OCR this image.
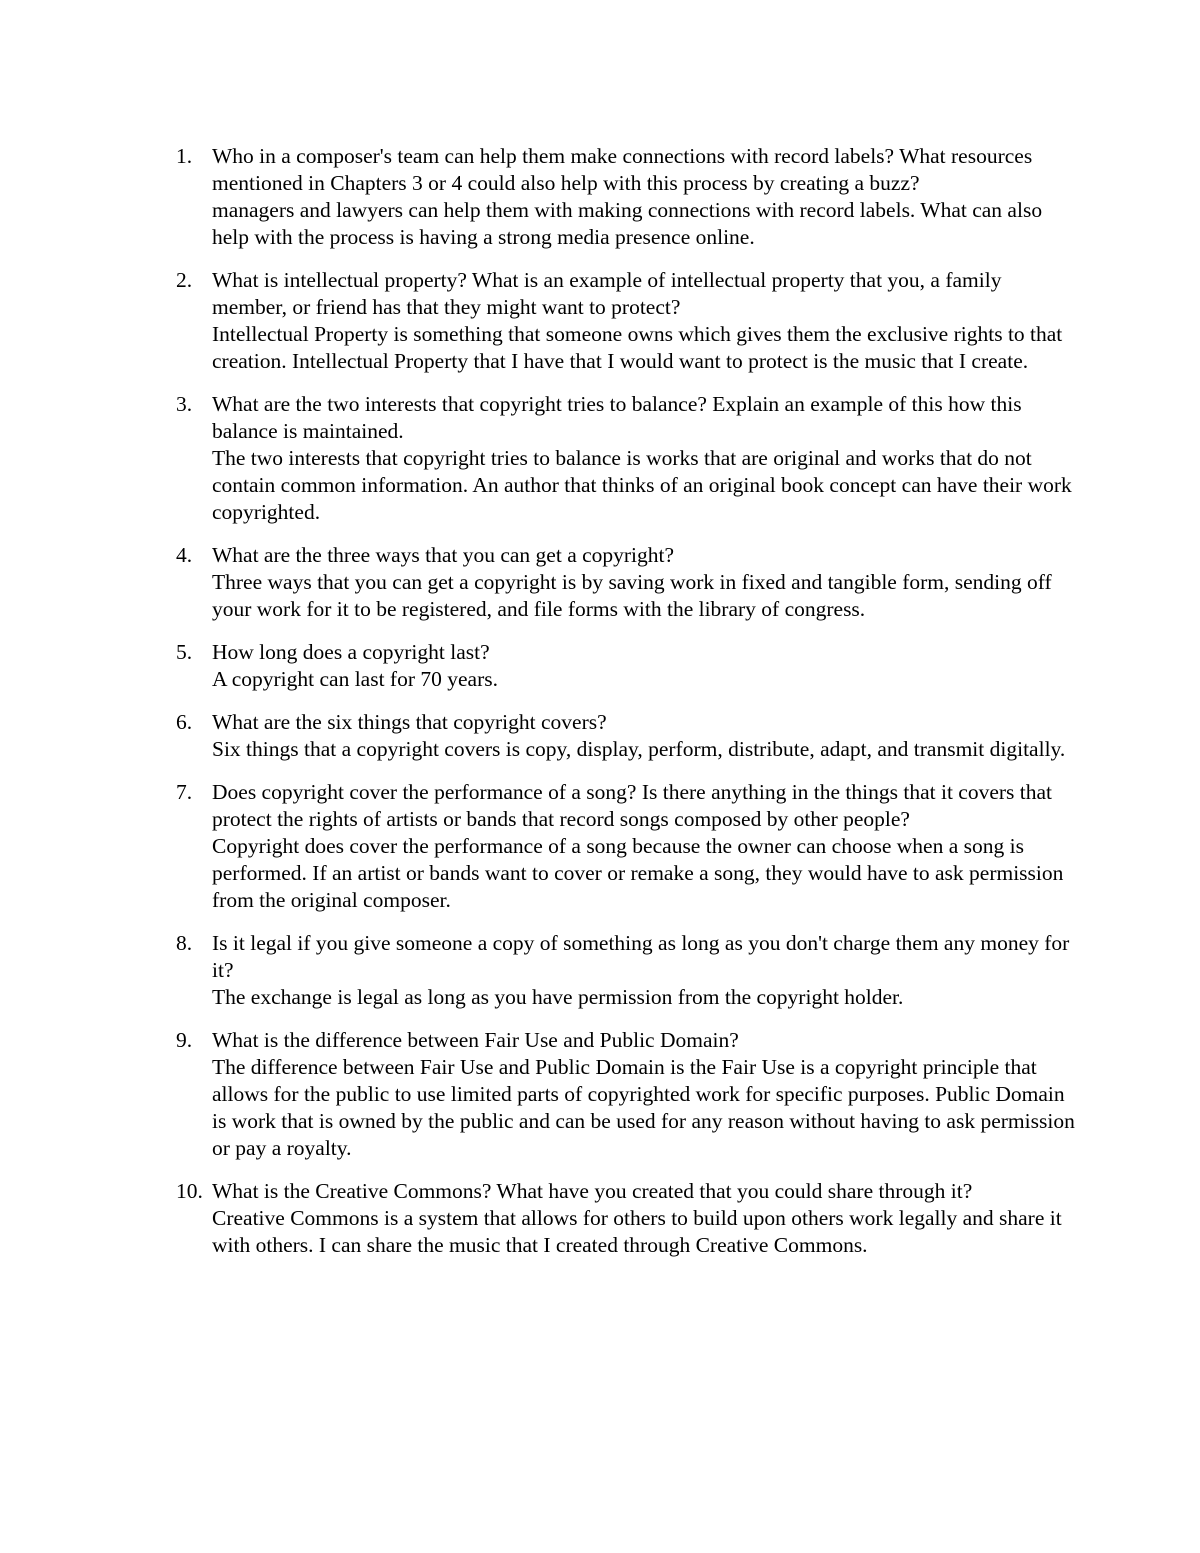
1. Who in a composer's team can help them make connections with record labels? What resources mentioned in Chapters 3 or 4 could also help with this process by creating a buzz?
managers and lawyers can help them with making connections with record labels. What can also help with the process is having a strong media presence online.
2. What is intellectual property? What is an example of intellectual property that you, a family member, or friend has that they might want to protect?
Intellectual Property is something that someone owns which gives them the exclusive rights to that creation. Intellectual Property that I have that I would want to protect is the music that I create.
3. What are the two interests that copyright tries to balance? Explain an example of this how this balance is maintained.
The two interests that copyright tries to balance is works that are original and works that do not contain common information. An author that thinks of an original book concept can have their work copyrighted.
4. What are the three ways that you can get a copyright?
Three ways that you can get a copyright is by saving work in fixed and tangible form, sending off your work for it to be registered, and file forms with the library of congress.
5. How long does a copyright last?
A copyright can last for 70 years.
6. What are the six things that copyright covers?
Six things that a copyright covers is copy, display, perform, distribute, adapt, and transmit digitally.
7. Does copyright cover the performance of a song? Is there anything in the things that it covers that protect the rights of artists or bands that record songs composed by other people?
Copyright does cover the performance of a song because the owner can choose when a song is performed. If an artist or bands want to cover or remake a song, they would have to ask permission from the original composer.
8. Is it legal if you give someone a copy of something as long as you don't charge them any money for it?
The exchange is legal as long as you have permission from the copyright holder.
9. What is the difference between Fair Use and Public Domain?
The difference between Fair Use and Public Domain is the Fair Use is a copyright principle that allows for the public to use limited parts of copyrighted work for specific purposes. Public Domain is work that is owned by the public and can be used for any reason without having to ask permission or pay a royalty.
10. What is the Creative Commons? What have you created that you could share through it?
Creative Commons is a system that allows for others to build upon others work legally and share it with others. I can share the music that I created through Creative Commons.
